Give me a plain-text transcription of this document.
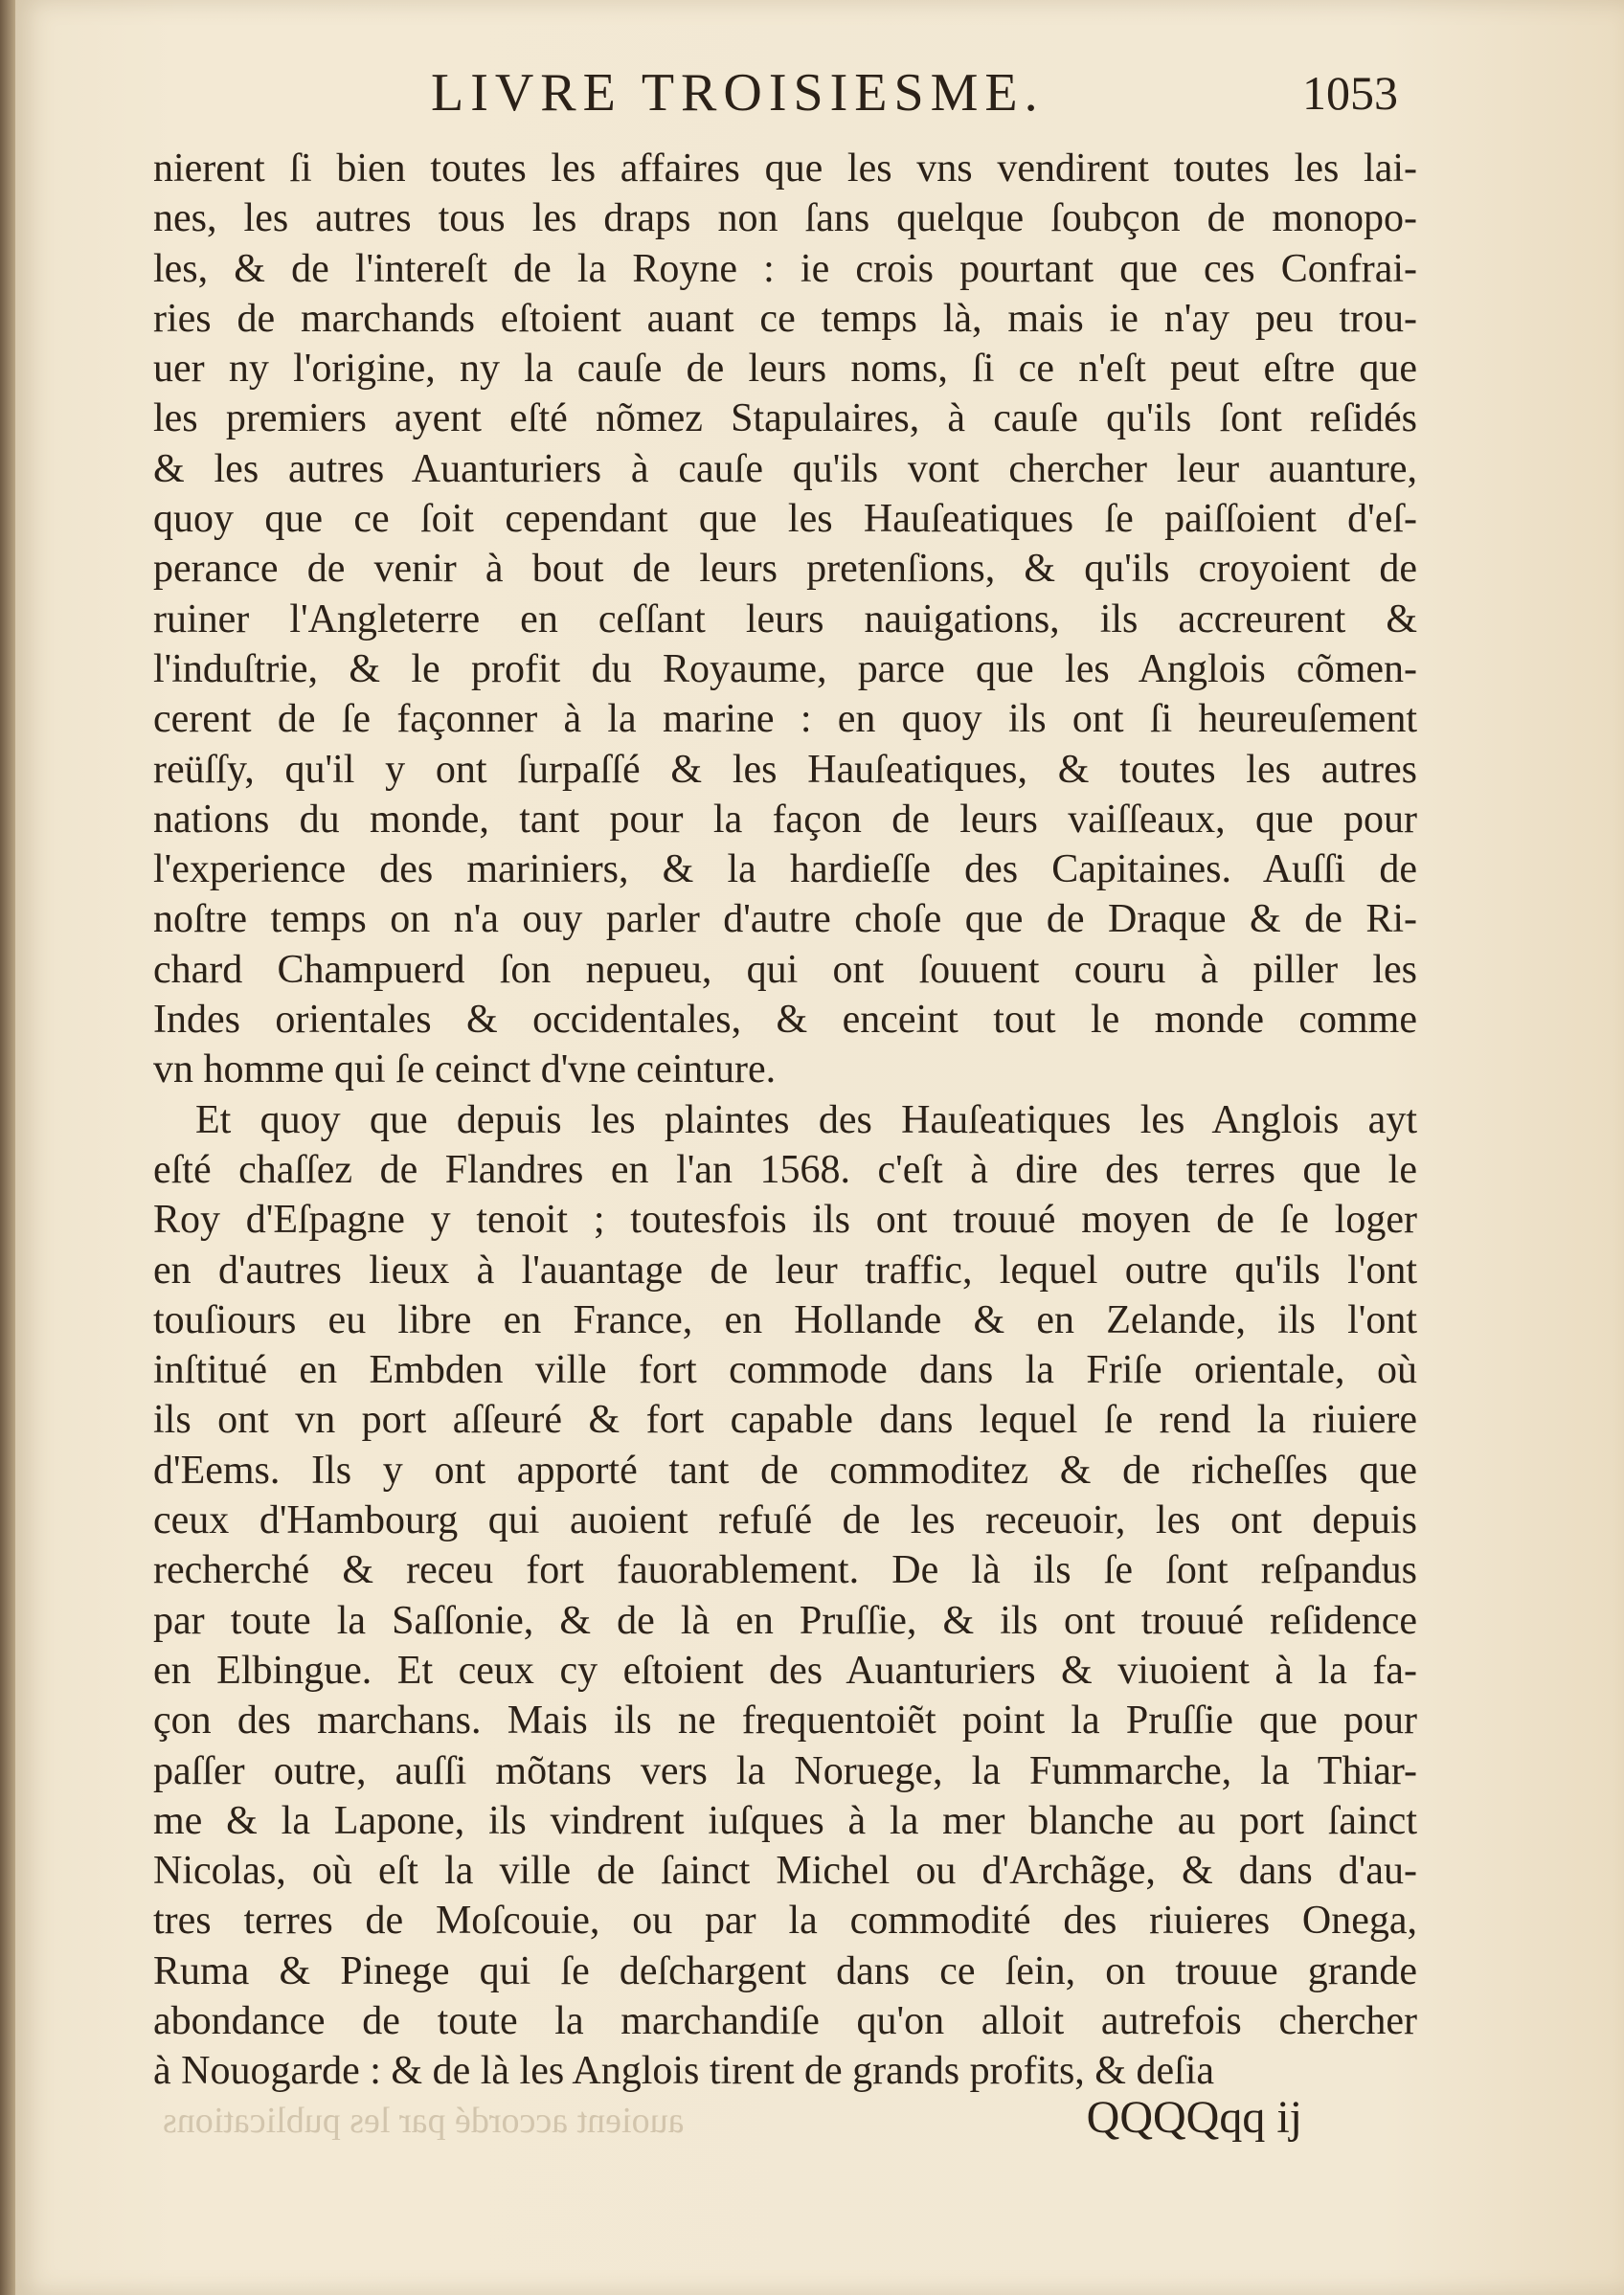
LIVRE TROISIESME.	1053
nierent ſi bien toutes les affaires que les vns vendirent toutes les lai-
nes, les autres tous les draps non ſans quelque ſoubçon de monopo-
les, & de l'intereſt de la Royne : ie crois pourtant que ces Confrai-
ries de marchands eſtoient auant ce temps là, mais ie n'ay peu trou-
uer ny l'origine, ny la cauſe de leurs noms, ſi ce n'eſt peut eſtre que
les premiers ayent eſté nõmez Stapulaires, à cauſe qu'ils ſont reſidés
& les autres Auanturiers à cauſe qu'ils vont chercher leur auanture,
quoy que ce ſoit cependant que les Hauſeatiques ſe paiſſoient d'eſ-
perance de venir à bout de leurs pretenſions, & qu'ils croyoient de
ruiner l'Angleterre en ceſſant leurs nauigations, ils accreurent &
l'induſtrie, & le profit du Royaume, parce que les Anglois cõmen-
cerent de ſe façonner à la marine : en quoy ils ont ſi heureuſement
reüſſy, qu'il y ont ſurpaſſé & les Hauſeatiques, & toutes les autres
nations du monde, tant pour la façon de leurs vaiſſeaux, que pour
l'experience des mariniers, & la hardieſſe des Capitaines. Auſſi de
noſtre temps on n'a ouy parler d'autre choſe que de Draque & de Ri-
chard Champuerd ſon nepueu, qui ont ſouuent couru à piller les
Indes orientales & occidentales, & enceint tout le monde comme
vn homme qui ſe ceinct d'vne ceinture.
Et quoy que depuis les plaintes des Hauſeatiques les Anglois ayt
eſté chaſſez de Flandres en l'an 1568. c'eſt à dire des terres que le
Roy d'Eſpagne y tenoit ; toutesfois ils ont trouué moyen de ſe loger
en d'autres lieux à l'auantage de leur traffic, lequel outre qu'ils l'ont
touſiours eu libre en France, en Hollande & en Zelande, ils l'ont
inſtitué en Embden ville fort commode dans la Friſe orientale, où
ils ont vn port aſſeuré & fort capable dans lequel ſe rend la riuiere
d'Eems. Ils y ont apporté tant de commoditez & de richeſſes que
ceux d'Hambourg qui auoient refuſé de les receuoir, les ont depuis
recherché & receu fort fauorablement. De là ils ſe ſont reſpandus
par toute la Saſſonie, & de là en Pruſſie, & ils ont trouué reſidence
en Elbingue. Et ceux cy eſtoient des Auanturiers & viuoient à la fa-
çon des marchans. Mais ils ne frequentoiẽt point la Pruſſie que pour
paſſer outre, auſſi mõtans vers la Noruege, la Fummarche, la Thiar-
me & la Lapone, ils vindrent iuſques à la mer blanche au port ſainct
Nicolas, où eſt la ville de ſainct Michel ou d'Archãge, & dans d'au-
tres terres de Moſcouie, ou par la commodité des riuieres Onega,
Ruma & Pinege qui ſe deſchargent dans ce ſein, on trouue grande
abondance de toute la marchandiſe qu'on alloit autrefois chercher
à Nouogarde : & de là les Anglois tirent de grands profits, & deſia
auoient accordé par les publications	QQQQqq ij
